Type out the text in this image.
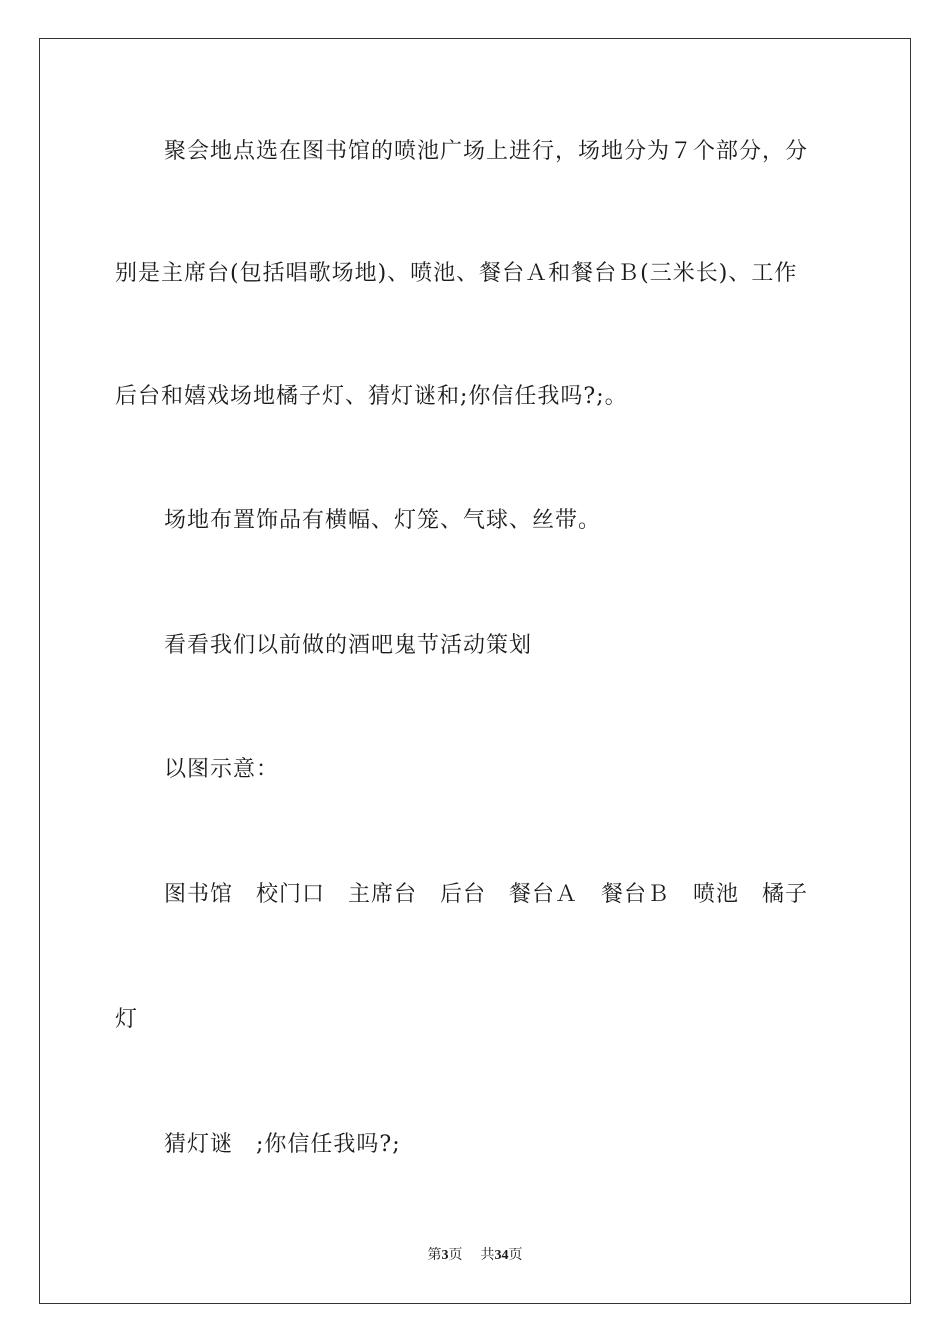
聚会地点选在图书馆的喷池广场上进行，场地分为７个部分，分
别是主席台(包括唱歌场地)、喷池、餐台Ａ和餐台Ｂ(三米长)、工作
后台和嬉戏场地橘子灯、猜灯谜和;你信任我吗?;。
场地布置饰品有横幅、灯笼、气球、丝带。
看看我们以前做的酒吧鬼节活动策划
以图示意：
图书馆　校门口　主席台　后台　餐台Ａ　餐台Ｂ　喷池　橘子
灯
猜灯谜　;你信任我吗?;
第3页 共34页
